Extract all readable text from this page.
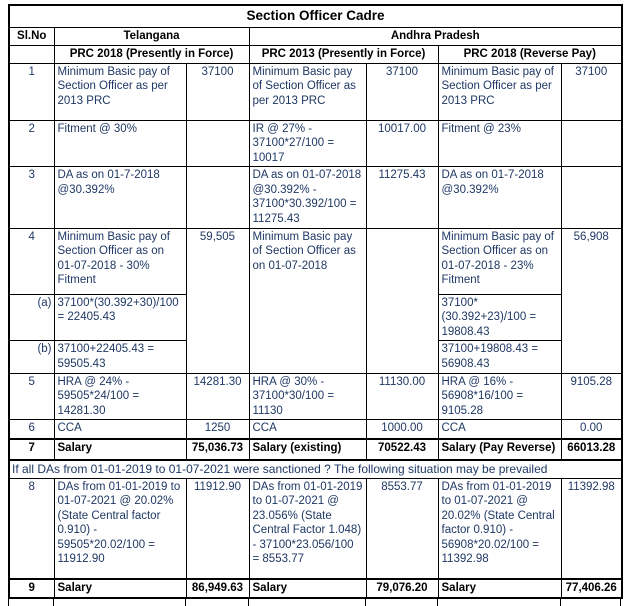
Section Officer Cadre						
Sl.No	Telangana		Andhra Pradesh			
	PRC 2018 (Presently in Force)		PRC 2013 (Presently in Force)		PRC 2018 (Reverse Pay)	
1	Minimum Basic pay of Section Officer as per 2013 PRC	37100	Minimum Basic pay of Section Officer as per 2013 PRC	37100	Minimum Basic pay of Section Officer as per 2013 PRC	37100
2	Fitment @ 30%		IR @ 27% - 37100*27/100 = 10017	10017.00	Fitment @ 23%	
3	DA as on 01-7-2018 @30.392%		DA as on 01-07-2018 @30.392% - 37100*30.392/100 = 11275.43	11275.43	DA as on 01-7-2018 @30.392%	
4	Minimum Basic pay of Section Officer as on 01-07-2018 - 30% Fitment	59,505	Minimum Basic pay of Section Officer as on 01-07-2018		Minimum Basic pay of Section Officer as on 01-07-2018 - 23% Fitment	56,908
(a)	37100*(30.392+30)/100 = 22405.43				37100*(30.392+23)/100 = 19808.43	
(b)	37100+22405.43 = 59505.43				37100+19808.43 = 56908.43	
5	HRA @ 24% - 59505*24/100 = 14281.30	14281.30	HRA @ 30% - 37100*30/100 = 11130	11130.00	HRA @ 16% - 56908*16/100 = 9105.28	9105.28
6	CCA	1250	CCA	1000.00	CCA	0.00
7	Salary	75,036.73	Salary (existing)	70522.43	Salary (Pay Reverse)	66013.28
If all DAs from 01-01-2019 to 01-07-2021 were sanctioned ? The following situation may be prevailed						
8	DAs from 01-01-2019 to 01-07-2021 @ 20.02% (State Central factor 0.910) - 59505*20.02/100 = 11912.90	11912.90	DAs from 01-01-2019 to 01-07-2021 @ 23.056% (State Central Factor 1.048) - 37100*23.056/100 = 8553.77	8553.77	DAs from 01-01-2019 to 01-07-2021 @ 20.02% (State Central factor 0.910) - 56908*20.02/100 = 11392.98	11392.98
9	Salary	86,949.63	Salary	79,076.20	Salary	77,406.26
